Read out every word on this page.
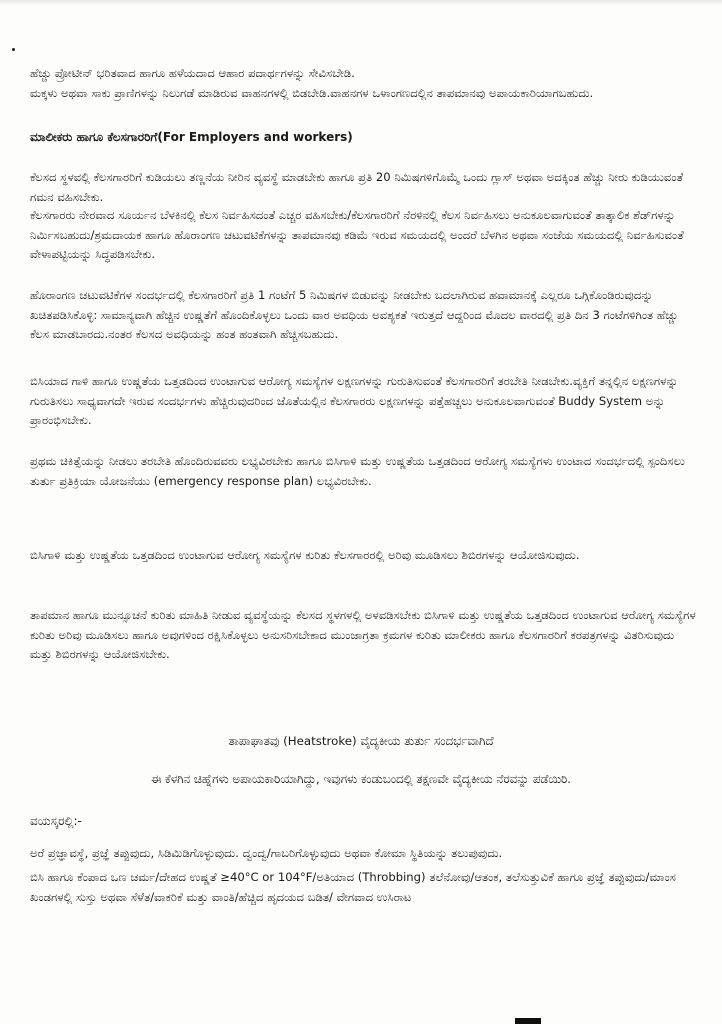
ಹೆಚ್ಚು ಪ್ರೋಟೀನ್ ಭರಿತವಾದ ಹಾಗೂ ಹಳೆಯದಾದ ಆಹಾರ ಪದಾರ್ಥಗಳನ್ನು ಸೇವಿಸಬೇಡಿ.

ಮಕ್ಕಳು ಅಥವಾ ಸಾಕು ಪ್ರಾಣಿಗಳನ್ನು ನಿಲುಗಡೆ ಮಾಡಿರುವ ವಾಹನಗಳಲ್ಲಿ ಬಿಡಬೇಡಿ.ವಾಹನಗಳ ಒಳಾಂಗಣದಲ್ಲಿನ ತಾಪಮಾನವು ಅಪಾಯಕಾರಿಯಾಗಬಹುದು.

ಮಾಲೀಕರು ಹಾಗೂ ಕೆಲಸಗಾರರಿಗೆ(For Employers and workers)

ಕೆಲಸದ ಸ್ಥಳವಲ್ಲಿ ಕೆಲಸಗಾರರಿಗೆ ಕುಡಿಯಲು ತಣ್ಣನೆಯ ನೀರಿನ ವ್ಯವಸ್ಥೆ ಮಾಡಬೇಕು ಹಾಗೂ ಪ್ರತಿ 20 ನಿಮಿಷಗಳಿಗೊಮ್ಮೆ ಒಂದು ಗ್ಲಾಸ್ ಅಥವಾ ಅದಕ್ಕಿಂತ ಹೆಚ್ಚು ನೀರು ಕುಡಿಯುವಂತೆ ಗಮನ ವಹಿಸಬೇಕು.

ಕೆಲಸಗಾರರು ನೇರವಾದ ಸೂರ್ಯನ ಬೆಳಕಿನಲ್ಲಿ ಕೆಲಸ ನಿರ್ವಹಿಸದಂತೆ ಎಚ್ಚರ ವಹಿಸಬೇಕು/ಕೆಲಸಗಾರರಿಗೆ ನೆರಳಿನಲ್ಲಿ ಕೆಲಸ ನಿರ್ವಹಿಸಲು ಅನುಕೂಲವಾಗುವಂತೆ ತಾತ್ಕಾಲಿಕ ಶೆಡ್‌ಗಳನ್ನು ನಿರ್ಮಿಸಬಹುದು/ಶ್ರಮದಾಯಕ ಹಾಗೂ ಹೊರಾಂಗಣ ಚಟುವಟಿಕೆಗಳನ್ನು ತಾಪಮಾನವು ಕಡಿಮೆ ಇರುವ ಸಮಯದಲ್ಲಿ ಅಂದರೆ ಬೆಳಗಿನ ಅಥವಾ ಸಂಜೆಯ ಸಮಯದಲ್ಲಿ ನಿರ್ವಹಿಸುವಂತೆ ವೇಳಾಪಟ್ಟಿಯನ್ನು ಸಿದ್ಧಪಡಿಸಬೇಕು.

ಹೊರಾಂಗಣ ಚಟುವಟಿಕೆಗಳ ಸಂದರ್ಭದಲ್ಲಿ ಕೆಲಸಗಾರರಿಗೆ ಪ್ರತಿ 1 ಗಂಟೆಗೆ 5 ನಿಮಿಷಗಳ ಬಿಡುವನ್ನು ನೀಡಬೇಕು ಬದಲಾಗಿರುವ ಹವಾಮಾನಕ್ಕೆ ಎಲ್ಲರೂ ಒಗ್ಗಿಕೊಂಡಿರುವುದನ್ನು ಖಚಿತಪಡಿಸಿಕೊಳ್ಳಿ: ಸಾಮಾನ್ಯವಾಗಿ ಹೆಚ್ಚಿನ ಉಷ್ಣತೆಗೆ ಹೊಂದಿಕೊಳ್ಳಲು ಒಂದು ವಾರ ಅವಧಿಯ ಅವಶ್ಯಕತೆ ಇರುತ್ತದೆ ಆದ್ದರಿಂದ ಮೊದಲ ವಾರದಲ್ಲಿ ಪ್ರತಿ ದಿನ 3 ಗಂಟೆಗಳಿಗಿಂತ ಹೆಚ್ಚು ಕೆಲಸ ಮಾಡಬಾರದು.ನಂತರ ಕೆಲಸದ ಅವಧಿಯನ್ನು ಹಂತ ಹಂತವಾಗಿ ಹೆಚ್ಚಿಸಬಹುದು.

ಬಿಸಿಯಾದ ಗಾಳಿ ಹಾಗೂ ಉಷ್ಣತೆಯ ಒತ್ತಡದಿಂದ ಉಂಟಾಗುವ ಆರೋಗ್ಯ ಸಮಸ್ಯೆಗಳ ಲಕ್ಷಣಗಳನ್ನು ಗುರುತಿಸುವಂತೆ ಕೆಲಸಗಾರರಿಗೆ ತರಬೇತಿ ನೀಡಬೇಕು.ವ್ಯಕ್ತಿಗೆ ತನ್ನಲ್ಲಿನ ಲಕ್ಷಣಗಳನ್ನು ಗುರುತಿಸಲು ಸಾಧ್ಯವಾಗದೇ ಇರುವ ಸಂದರ್ಭಗಳು ಹೆಚ್ಚಿರುವುದರಿಂದ ಜೊತೆಯಲ್ಲಿನ ಕೆಲಸಗಾರರು ಲಕ್ಷಣಗಳನ್ನು ಪತ್ತೆಹಚ್ಚಲು ಅನುಕೂಲವಾಗುವಂತೆ Buddy System ಅನ್ನು ಪ್ರಾರಂಭಿಸಬೇಕು.

ಪ್ರಥಮ ಚಿಕಿತ್ಸೆಯನ್ನು ನೀಡಲು ತರಬೇತಿ ಹೊಂದಿರುವವರು ಲಭ್ಯವಿರಬೇಕು ಹಾಗೂ ಬಿಸಿಗಾಳಿ ಮತ್ತು ಉಷ್ಣತೆಯ ಒತ್ತಡದಿಂದ ಆರೋಗ್ಯ ಸಮಸ್ಯೆಗಳು ಉಂಟಾದ ಸಂದರ್ಭದಲ್ಲಿ ಸ್ಪಂದಿಸಲು ತುರ್ತು ಪ್ರತಿಕ್ರಿಯಾ ಯೋಜನೆಯು (emergency response plan) ಲಭ್ಯವಿರಬೇಕು.

ಬಿಸಿಗಾಳಿ ಮತ್ತು ಉಷ್ಣತೆಯ ಒತ್ತಡದಿಂದ ಉಂಟಾಗುವ ಆರೋಗ್ಯ ಸಮಸ್ಯೆಗಳ ಕುರಿತು ಕೆಲಸಗಾರರಲ್ಲಿ ಅರಿವು ಮೂಡಿಸಲು ಶಿಬಿರಗಳನ್ನು ಆಯೋಜಿಸುವುದು.

ತಾಪಮಾನ ಹಾಗೂ ಮುನ್ಸೂಚನೆ ಕುರಿತು ಮಾಹಿತಿ ನೀಡುವ ವ್ಯವಸ್ಥೆಯನ್ನು ಕೆಲಸದ ಸ್ಥಳಗಳಲ್ಲಿ ಅಳವಡಿಸಬೇಕು ಬಿಸಿಗಾಳಿ ಮತ್ತು ಉಷ್ಣತೆಯ ಒತ್ತಡದಿಂದ ಉಂಟಾಗುವ ಆರೋಗ್ಯ ಸಮಸ್ಯೆಗಳ ಕುರಿತು ಅರಿವು ಮೂಡಿಸಲು ಹಾಗೂ ಅವುಗಳಿಂದ ರಕ್ಷಿಸಿಕೊಳ್ಳಲು ಅನುಸರಿಸಬೇಕಾದ ಮುಂಜಾಗ್ರತಾ ಕ್ರಮಗಳ ಕುರಿತು ಮಾಲೀಕರು ಹಾಗೂ ಕೆಲಸಗಾರರಿಗೆ ಕರಪತ್ರಗಳನ್ನು ವಿತರಿಸುವುದು ಮತ್ತು ಶಿಬಿರಗಳನ್ನು ಆಯೋಜಿಸಬೇಕು.

ತಾಪಾಘಾತವು (Heatstroke) ವೈದ್ಯಕೀಯ ತುರ್ತು ಸಂದರ್ಭವಾಗಿದೆ
ಈ ಕೆಳಗಿನ ಚಿಹ್ನೆಗಳು ಅಪಾಯಕಾರಿಯಾಗಿದ್ದು, ಇವುಗಳು ಕಂಡುಬಂದಲ್ಲಿ ತಕ್ಷಣವೇ ವೈದ್ಯಕೀಯ ನೆರವನ್ನು ಪಡೆಯಿರಿ.
ವಯಸ್ಕರಲ್ಲಿ:-

ಅರೆ ಪ್ರಜ್ಞಾವಸ್ಥೆ, ಪ್ರಜ್ಞೆ ತಪ್ಪುವುದು, ಸಿಡಿಮಿಡಿಗೊಳ್ಳುವುದು. ದ್ವಂದ್ವ/ಗಾಬರಿಗೊಳ್ಳುವುದು ಅಥವಾ ಕೋಮಾ ಸ್ಥಿತಿಯನ್ನು ತಲುಪುವುದು.

ಬಿಸಿ ಹಾಗೂ ಕೆಂಪಾದ ಒಣ ಚರ್ಮ/ದೇಹದ ಉಷ್ಣತೆ ≥40°C or 104°F/ಅತಿಯಾದ (Throbbing) ತಲೆನೋವು/ಆತಂಕ, ತಲೆಸುತ್ತುವಿಕೆ ಹಾಗೂ ಪ್ರಜ್ಞೆ ತಪ್ಪುವುದು/ಮಾಂಸ ಖಂಡಗಳಲ್ಲಿ ಸುಸ್ತು ಅಥವಾ ಸೆಳೆತ/ವಾಕರಿಕೆ ಮತ್ತು ವಾಂತಿ/ಹೆಚ್ಚಿದ ಹೃದಯದ ಬಡಿತ/ ವೇಗವಾದ ಉಸಿರಾಟ
